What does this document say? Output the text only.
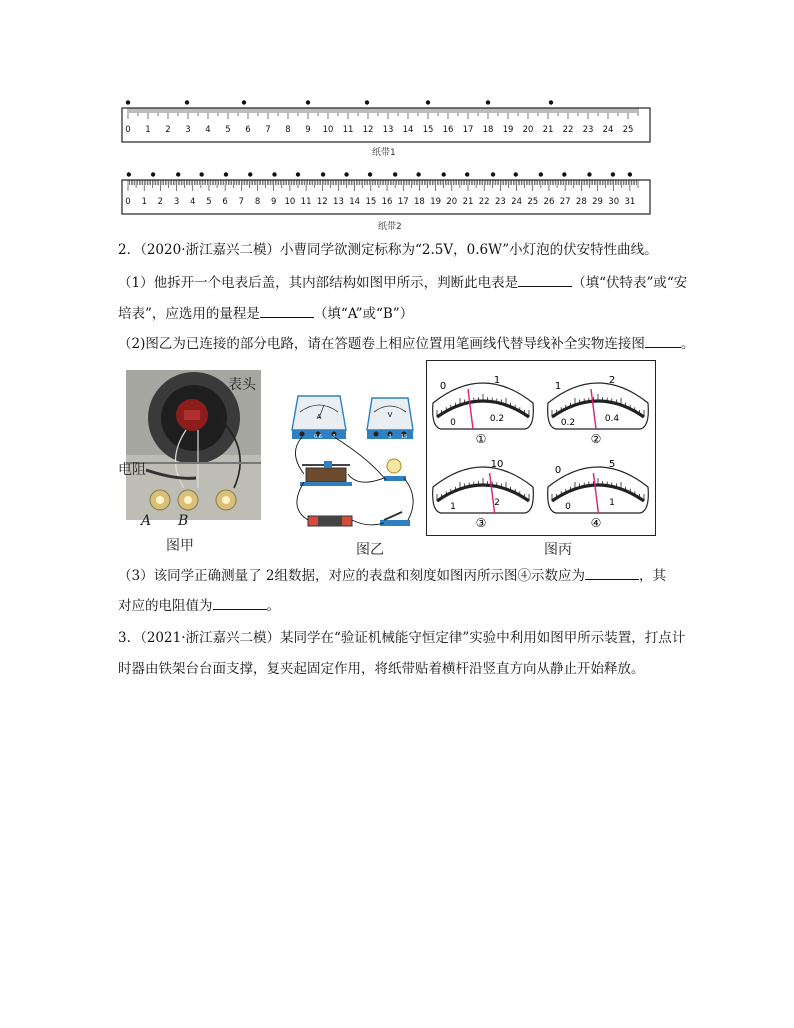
0 1 2 3 4 5 6 7 8 9 10 11 12 13 14 15 16 17 18 19 20 21 22 23 24 25
纸带1
0 1 2 3 4 5 6 7 8 9 10 11 12 13 14 15 16 17 18 19 20 21 22 23 24 25 26 27 28 29 30 31
纸带2
2．（2020·浙江嘉兴二模）小曹同学欲测定标称为“2.5V，0.6W”小灯泡的伏安特性曲线。
（1）他拆开一个电表后盖，其内部结构如图甲所示，判断此电表是	（填“伏特表”或“安
培表”，应选用的量程是	（填“A”或“B”）
（2)图乙为已连接的部分电路，请在答题卷上相应位置用笔画线代替导线补全实物连接图	。
表头
电阻
A B
图甲
A
0.6 3
V
3 15
图乙
0
1
0	0.2
①
1
2
0.2	0.4
②
10
1	2
③
0
5
0	1
④
图丙
（3）该同学正确测量了 2组数据，对应的表盘和刻度如图丙所示图④示数应为	，其
对应的电阻值为	。
3．（2021·浙江嘉兴二模）某同学在“验证机械能守恒定律”实验中利用如图甲所示装置，打点计
时器由铁架台台面支撑，复夹起固定作用，将纸带贴着横杆沿竖直方向从静止开始释放。
